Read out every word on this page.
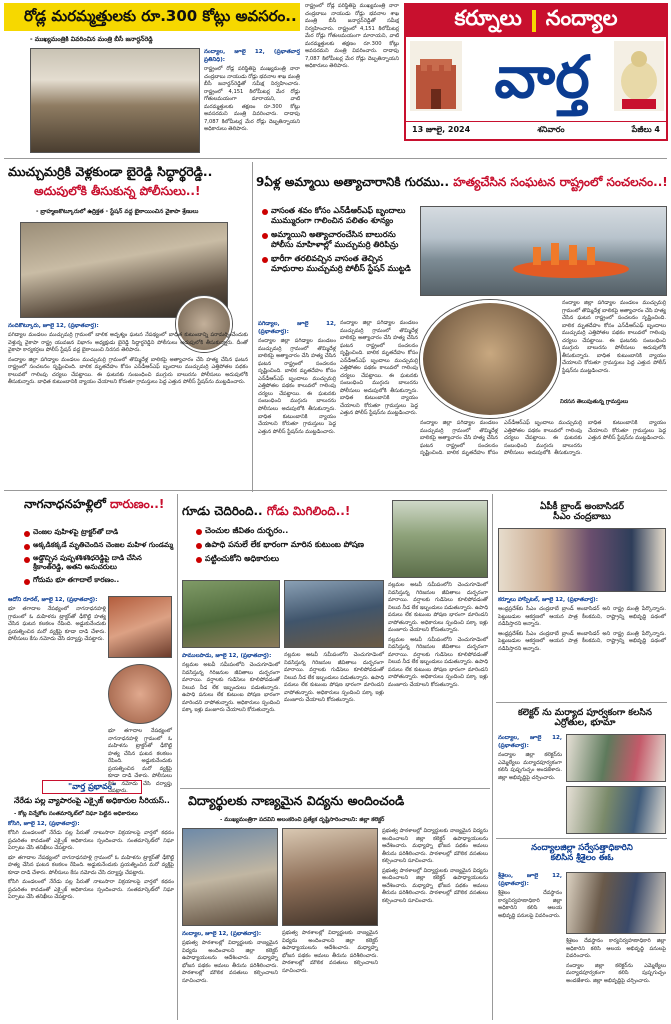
రోడ్ల మరమ్మత్తులకు రూ.300 కోట్లు అవసరం..
- ముఖ్యమంత్రికి వివరించిన మంత్రి బీసీ జనార్దన్‌రెడ్డి
నంద్యాల, జూలై 12, (ప్రభాతవార్త ప్రతినిధి):
రాష్ట్రంలో రోడ్ల పరిస్థితిపై ముఖ్యమంత్రి నారా చంద్రబాబు నాయుడు రోడ్లు భవనాల శాఖ మంత్రి బీసీ జనార్దన్‌రెడ్డితో సమీక్ష నిర్వహించారు. రాష్ట్రంలో 4,151 కిలోమీటర్ల మేర రోడ్లు గోతులమయంగా మారాయని, వాటి మరమ్మత్తులకు తక్షణం రూ.300 కోట్లు అవసరమని మంత్రి వివరించారు. దాదాపు 7,087 కిలోమీటర్ల మేర రోడ్లు దెబ్బతిన్నాయని అధికారులు తెలిపారు.
రాష్ట్రంలో రోడ్ల పరిస్థితిపై ముఖ్యమంత్రి నారా చంద్రబాబు నాయుడు రోడ్లు భవనాల శాఖ మంత్రి బీసీ జనార్దన్‌రెడ్డితో సమీక్ష నిర్వహించారు. రాష్ట్రంలో 4,151 కిలోమీటర్ల మేర రోడ్లు గోతులమయంగా మారాయని, వాటి మరమ్మత్తులకు తక్షణం రూ.300 కోట్లు అవసరమని మంత్రి వివరించారు. దాదాపు 7,087 కిలోమీటర్ల మేర రోడ్లు దెబ్బతిన్నాయని అధికారులు తెలిపారు.
కర్నూలు నంద్యాల
వార్త
13 జూలై, 2024	శనివారం	పేజీలు 4
ముచ్చుమర్రికి వెళ్లకుండా బైరెడ్డి సిద్ధార్థరెడ్డి..
అదుపులోకి తీసుకున్న పోలీసులు..!
- బ్రాహ్మణకొట్కూరులో ఉద్రిక్తత - స్టేషన్ వద్ద బైఠాయించిన వైకాపా శ్రేణులు
నందికొట్కూరు, జూలై 12, (ప్రభాతవార్త):
పగిడ్యాల మండలం ముచ్చుమర్రి గ్రామంలో బాలిక అదృశ్యం ఘటన నేపథ్యంలో బాధిత కుటుంబాన్ని పరామర్శించేందుకు వెళ్తున్న వైకాపా రాష్ట్ర యువజన విభాగం అధ్యక్షుడు బైరెడ్డి సిద్ధార్థరెడ్డిని పోలీసులు అదుపులోకి తీసుకున్నారు. దీంతో వైకాపా కార్యకర్తలు పోలీస్ స్టేషన్ వద్ద బైఠాయించి నిరసన తెలిపారు.
నంద్యాల జిల్లా పగిడ్యాల మండలం ముచ్చుమర్రి గ్రామంలో తొమ్మిదేళ్ల బాలికపై అత్యాచారం చేసి హత్య చేసిన ఘటన రాష్ట్రంలో సంచలనం సృష్టించింది. బాలిక మృతదేహం కోసం ఎన్‌డీఆర్‌ఎఫ్ బృందాలు ముచ్చుమర్రి ఎత్తిపోతల పథకం కాలువలో గాలింపు చర్యలు చేపట్టాయి. ఈ ఘటనకు సంబంధించి ముగ్గురు బాలురను పోలీసులు అదుపులోకి తీసుకున్నారు. బాధిత కుటుంబానికి న్యాయం చేయాలని కోరుతూ గ్రామస్తులు పెద్ద ఎత్తున పోలీస్ స్టేషన్‌ను ముట్టడించారు.
9ఏళ్ల అమ్మాయి అత్యాచారానికి గురము.. హత్యచేసిన సంఘటన రాష్ట్రంలో సంచలనం..!
వాసంత శవం కోసం ఎన్‌డీఆర్‌ఎఫ్ బృందాలు ముమ్మురంగా గాలించిన పలితం శూన్యం
అమ్మాయిని అత్యాచారంచేసిన బాలురను పోలీసు మాహిళాల్లో ముచ్చుమర్రి తిరిపిన్రు
భారీగా తరలివచ్చిన వాసంత తెచ్చిన మాధురాల ముచ్చుమర్రి పోలీస్ స్టేషన్ ముట్టడి
పగిడ్యాల, జూలై 12, (ప్రభాతవార్త):
నంద్యాల జిల్లా పగిడ్యాల మండలం ముచ్చుమర్రి గ్రామంలో తొమ్మిదేళ్ల బాలికపై అత్యాచారం చేసి హత్య చేసిన ఘటన రాష్ట్రంలో సంచలనం సృష్టించింది. బాలిక మృతదేహం కోసం ఎన్‌డీఆర్‌ఎఫ్ బృందాలు ముచ్చుమర్రి ఎత్తిపోతల పథకం కాలువలో గాలింపు చర్యలు చేపట్టాయి. ఈ ఘటనకు సంబంధించి ముగ్గురు బాలురను పోలీసులు అదుపులోకి తీసుకున్నారు. బాధిత కుటుంబానికి న్యాయం చేయాలని కోరుతూ గ్రామస్తులు పెద్ద ఎత్తున పోలీస్ స్టేషన్‌ను ముట్టడించారు.
నంద్యాల జిల్లా పగిడ్యాల మండలం ముచ్చుమర్రి గ్రామంలో తొమ్మిదేళ్ల బాలికపై అత్యాచారం చేసి హత్య చేసిన ఘటన రాష్ట్రంలో సంచలనం సృష్టించింది. బాలిక మృతదేహం కోసం ఎన్‌డీఆర్‌ఎఫ్ బృందాలు ముచ్చుమర్రి ఎత్తిపోతల పథకం కాలువలో గాలింపు చర్యలు చేపట్టాయి. ఈ ఘటనకు సంబంధించి ముగ్గురు బాలురను పోలీసులు అదుపులోకి తీసుకున్నారు. బాధిత కుటుంబానికి న్యాయం చేయాలని కోరుతూ గ్రామస్తులు పెద్ద ఎత్తున పోలీస్ స్టేషన్‌ను ముట్టడించారు.
నిరసన తెలుపుతున్న గ్రామస్తులు
నంద్యాల జిల్లా పగిడ్యాల మండలం ముచ్చుమర్రి గ్రామంలో తొమ్మిదేళ్ల బాలికపై అత్యాచారం చేసి హత్య చేసిన ఘటన రాష్ట్రంలో సంచలనం సృష్టించింది. బాలిక మృతదేహం కోసం ఎన్‌డీఆర్‌ఎఫ్ బృందాలు ముచ్చుమర్రి ఎత్తిపోతల పథకం కాలువలో గాలింపు చర్యలు చేపట్టాయి. ఈ ఘటనకు సంబంధించి ముగ్గురు బాలురను పోలీసులు అదుపులోకి తీసుకున్నారు. బాధిత కుటుంబానికి న్యాయం చేయాలని కోరుతూ గ్రామస్తులు పెద్ద ఎత్తున పోలీస్ స్టేషన్‌ను ముట్టడించారు.
నంద్యాల జిల్లా పగిడ్యాల మండలం ముచ్చుమర్రి గ్రామంలో తొమ్మిదేళ్ల బాలికపై అత్యాచారం చేసి హత్య చేసిన ఘటన రాష్ట్రంలో సంచలనం సృష్టించింది. బాలిక మృతదేహం కోసం ఎన్‌డీఆర్‌ఎఫ్ బృందాలు ముచ్చుమర్రి ఎత్తిపోతల పథకం కాలువలో గాలింపు చర్యలు చేపట్టాయి. ఈ ఘటనకు సంబంధించి ముగ్గురు బాలురను పోలీసులు అదుపులోకి తీసుకున్నారు. బాధిత కుటుంబానికి న్యాయం చేయాలని కోరుతూ గ్రామస్తులు పెద్ద ఎత్తున పోలీస్ స్టేషన్‌ను ముట్టడించారు.
నాగనాధనహళ్లిలో దారుణం..!
చెంజల వుహిళపై ట్రాక్టర్‌తో దాడి
అక్కడికక్కడే మృతిచెందిన చెంజల మహిళ గుండమ్మ
అడ్డొచ్చిన పుష్పశశిశశిధరెడ్డిపై దాడి చేసిన శ్రీకాంత్‌రెడ్డి, అతని అనుచరులు
గోదుమ భూ తగాదాలే కారణం..
ఆదోని రూరల్, జూలై 12, (ప్రభాతవార్త):
భూ తగాదాల నేపథ్యంలో నాగనాధనహళ్లి గ్రామంలో ఓ మహిళను ట్రాక్టర్‌తో ఢీకొట్టి హత్య చేసిన ఘటన కలకలం రేపింది. అడ్డుకునేందుకు ప్రయత్నించిన మరో వ్యక్తిపై కూడా దాడి చేశారు. పోలీసులు కేసు నమోదు చేసి దర్యాప్తు చేపట్టారు.
భూ తగాదాల నేపథ్యంలో నాగనాధనహళ్లి గ్రామంలో ఓ మహిళను ట్రాక్టర్‌తో ఢీకొట్టి హత్య చేసిన ఘటన కలకలం రేపింది. అడ్డుకునేందుకు ప్రయత్నించిన మరో వ్యక్తిపై కూడా దాడి చేశారు. పోలీసులు కేసు నమోదు చేసి దర్యాప్తు చేపట్టారు.
"వార్త ప్రభావం"
నేరేడు పల్ల వ్యాపారంపై ఎక్సైజ్ అధికారుల సీరియస్..
- కోట్ల విన్నేకోట సంతమార్కెట్‌లో నిఘా పెట్టిన అధికారులు
కోసిగి, జూలై 12, (ప్రభాతవార్త):
కోసిగి మండలంలో నేరేడు పల్ల పేరుతో నాటుసారా విక్రయాలపై వార్తలో కథనం ప్రచురితం కావడంతో ఎక్సైజ్ అధికారులు స్పందించారు. సంతమార్కెట్‌లో నిఘా ఏర్పాటు చేసి తనిఖీలు చేపట్టారు.
భూ తగాదాల నేపథ్యంలో నాగనాధనహళ్లి గ్రామంలో ఓ మహిళను ట్రాక్టర్‌తో ఢీకొట్టి హత్య చేసిన ఘటన కలకలం రేపింది. అడ్డుకునేందుకు ప్రయత్నించిన మరో వ్యక్తిపై కూడా దాడి చేశారు. పోలీసులు కేసు నమోదు చేసి దర్యాప్తు చేపట్టారు.
కోసిగి మండలంలో నేరేడు పల్ల పేరుతో నాటుసారా విక్రయాలపై వార్తలో కథనం ప్రచురితం కావడంతో ఎక్సైజ్ అధికారులు స్పందించారు. సంతమార్కెట్‌లో నిఘా ఏర్పాటు చేసి తనిఖీలు చేపట్టారు.
గూడు చెదిరింది.. గోడు మిగిలింది..!
చెంచుల జీవితం దుర్భరం..
ఉపాధి పనులే లేక భారంగా మారిన కుటుంబ పోషణ
పట్టించుకోని అధికారులు
పాములపాడు, జూలై 12, (ప్రభాతవార్త):
నల్లమల అటవీ సమీపంలోని చెంచుగూడెంలో నివసిస్తున్న గిరిజనుల జీవితాలు దుర్భరంగా మారాయి. వర్షాలకు గుడిసెలు కూలిపోవడంతో నిలువ నీడ లేక ఇబ్బందులు పడుతున్నారు. ఉపాధి పనులు లేక కుటుంబ పోషణ భారంగా మారిందని వాపోతున్నారు. అధికారులు స్పందించి పక్కా ఇళ్లు మంజూరు చేయాలని కోరుతున్నారు.
నల్లమల అటవీ సమీపంలోని చెంచుగూడెంలో నివసిస్తున్న గిరిజనుల జీవితాలు దుర్భరంగా మారాయి. వర్షాలకు గుడిసెలు కూలిపోవడంతో నిలువ నీడ లేక ఇబ్బందులు పడుతున్నారు. ఉపాధి పనులు లేక కుటుంబ పోషణ భారంగా మారిందని వాపోతున్నారు. అధికారులు స్పందించి పక్కా ఇళ్లు మంజూరు చేయాలని కోరుతున్నారు.
నల్లమల అటవీ సమీపంలోని చెంచుగూడెంలో నివసిస్తున్న గిరిజనుల జీవితాలు దుర్భరంగా మారాయి. వర్షాలకు గుడిసెలు కూలిపోవడంతో నిలువ నీడ లేక ఇబ్బందులు పడుతున్నారు. ఉపాధి పనులు లేక కుటుంబ పోషణ భారంగా మారిందని వాపోతున్నారు. అధికారులు స్పందించి పక్కా ఇళ్లు మంజూరు చేయాలని కోరుతున్నారు.
నల్లమల అటవీ సమీపంలోని చెంచుగూడెంలో నివసిస్తున్న గిరిజనుల జీవితాలు దుర్భరంగా మారాయి. వర్షాలకు గుడిసెలు కూలిపోవడంతో నిలువ నీడ లేక ఇబ్బందులు పడుతున్నారు. ఉపాధి పనులు లేక కుటుంబ పోషణ భారంగా మారిందని వాపోతున్నారు. అధికారులు స్పందించి పక్కా ఇళ్లు మంజూరు చేయాలని కోరుతున్నారు.
విద్యార్థులకు నాణ్యమైన విద్యను అందించండి
- ముఖ్యమంత్రిగా పదవిని అలంకరించి ప్రత్యేక దృష్టిసారించాలని: జిల్లా కలెక్టర్
నంద్యాల, జూలై 12, (ప్రభాతవార్త):
ప్రభుత్వ పాఠశాలల్లో విద్యార్థులకు నాణ్యమైన విద్యను అందించాలని జిల్లా కలెక్టర్ ఉపాధ్యాయులను ఆదేశించారు. మధ్యాహ్న భోజన పథకం అమలు తీరును పరిశీలించారు. పాఠశాలల్లో మౌలిక వసతులు కల్పించాలని సూచించారు.
ప్రభుత్వ పాఠశాలల్లో విద్యార్థులకు నాణ్యమైన విద్యను అందించాలని జిల్లా కలెక్టర్ ఉపాధ్యాయులను ఆదేశించారు. మధ్యాహ్న భోజన పథకం అమలు తీరును పరిశీలించారు. పాఠశాలల్లో మౌలిక వసతులు కల్పించాలని సూచించారు.
ప్రభుత్వ పాఠశాలల్లో విద్యార్థులకు నాణ్యమైన విద్యను అందించాలని జిల్లా కలెక్టర్ ఉపాధ్యాయులను ఆదేశించారు. మధ్యాహ్న భోజన పథకం అమలు తీరును పరిశీలించారు. పాఠశాలల్లో మౌలిక వసతులు కల్పించాలని సూచించారు.
ప్రభుత్వ పాఠశాలల్లో విద్యార్థులకు నాణ్యమైన విద్యను అందించాలని జిల్లా కలెక్టర్ ఉపాధ్యాయులను ఆదేశించారు. మధ్యాహ్న భోజన పథకం అమలు తీరును పరిశీలించారు. పాఠశాలల్లో మౌలిక వసతులు కల్పించాలని సూచించారు.
ఏపీకీ బ్రాండ్ అంబాసిడర్
సీఎం చంద్రబాబు
కర్నూలు హాస్పిటల్, జూలై 12, (ప్రభాతవార్త):
ఆంధ్రప్రదేశ్‌కు సీఎం చంద్రబాబే బ్రాండ్ అంబాసిడర్ అని రాష్ట్ర మంత్రి పేర్కొన్నారు. పెట్టుబడుల ఆకర్షణలో ఆయన పాత్ర కీలకమని, రాష్ట్రాన్ని అభివృద్ధి పథంలో నడిపిస్తారని అన్నారు.
ఆంధ్రప్రదేశ్‌కు సీఎం చంద్రబాబే బ్రాండ్ అంబాసిడర్ అని రాష్ట్ర మంత్రి పేర్కొన్నారు. పెట్టుబడుల ఆకర్షణలో ఆయన పాత్ర కీలకమని, రాష్ట్రాన్ని అభివృద్ధి పథంలో నడిపిస్తారని అన్నారు.
కలెక్టర్ ను మర్యాద పూర్వకంగా కలసిన ఎర్రోతుల, భూమా
నంద్యాల, జూలై 12, (ప్రభాతవార్త):
నంద్యాల జిల్లా కలెక్టర్‌ను ఎమ్మెల్యేలు మర్యాదపూర్వకంగా కలిసి పుష్పగుచ్ఛం అందజేశారు. జిల్లా అభివృద్ధిపై చర్చించారు.
నంద్యాలజిల్లా సర్వేసత్తాధికారిని
కలిసిన శ్రీశైలం ఈఓ
శ్రీశైలం, జూలై 12, (ప్రభాతవార్త):
శ్రీశైలం దేవస్థానం కార్యనిర్వహణాధికారి జిల్లా అధికారిని కలిసి ఆలయ అభివృద్ధి పనులపై వివరించారు.
శ్రీశైలం దేవస్థానం కార్యనిర్వహణాధికారి జిల్లా అధికారిని కలిసి ఆలయ అభివృద్ధి పనులపై వివరించారు.
నంద్యాల జిల్లా కలెక్టర్‌ను ఎమ్మెల్యేలు మర్యాదపూర్వకంగా కలిసి పుష్పగుచ్ఛం అందజేశారు. జిల్లా అభివృద్ధిపై చర్చించారు.
